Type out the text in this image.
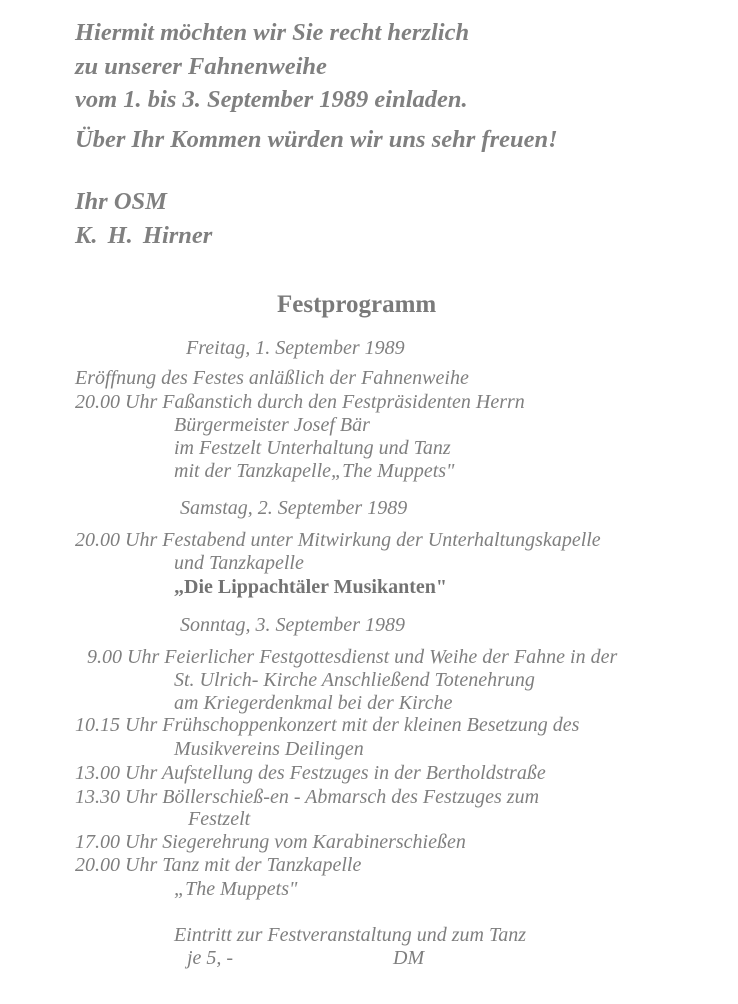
Hiermit möchten wir Sie recht herzlich
zu unserer Fahnenweihe
vom 1. bis 3. September 1989 einladen.
Über Ihr Kommen würden wir uns sehr freuen!
Ihr OSM
K. H. Hirner
Festprogramm
Freitag, 1. September 1989
Eröffnung des Festes anläßlich der Fahnenweihe
20.00 Uhr Faßanstich durch den Festpräsidenten Herrn
Bürgermeister Josef Bär
im Festzelt Unterhaltung und Tanz
mit der Tanzkapelle„The Muppets"
Samstag, 2. September 1989
20.00 Uhr Festabend unter Mitwirkung der Unterhaltungskapelle
und Tanzkapelle
„Die Lippachtäler Musikanten"
Sonntag, 3. September 1989
9.00 Uhr Feierlicher Festgottesdienst und Weihe der Fahne in der
St. Ulrich- Kirche Anschließend Totenehrung
am Kriegerdenkmal bei der Kirche
10.15 Uhr Frühschoppenkonzert mit der kleinen Besetzung des
Musikvereins Deilingen
13.00 Uhr Aufstellung des Festzuges in der Bertholdstraße
13.30 Uhr Böllerschieß-en - Abmarsch des Festzuges zum
Festzelt
17.00 Uhr Siegerehrung vom Karabinerschießen
20.00 Uhr Tanz mit der Tanzkapelle
„The Muppets"
Eintritt zur Festveranstaltung und zum Tanz
je 5, -	DM
